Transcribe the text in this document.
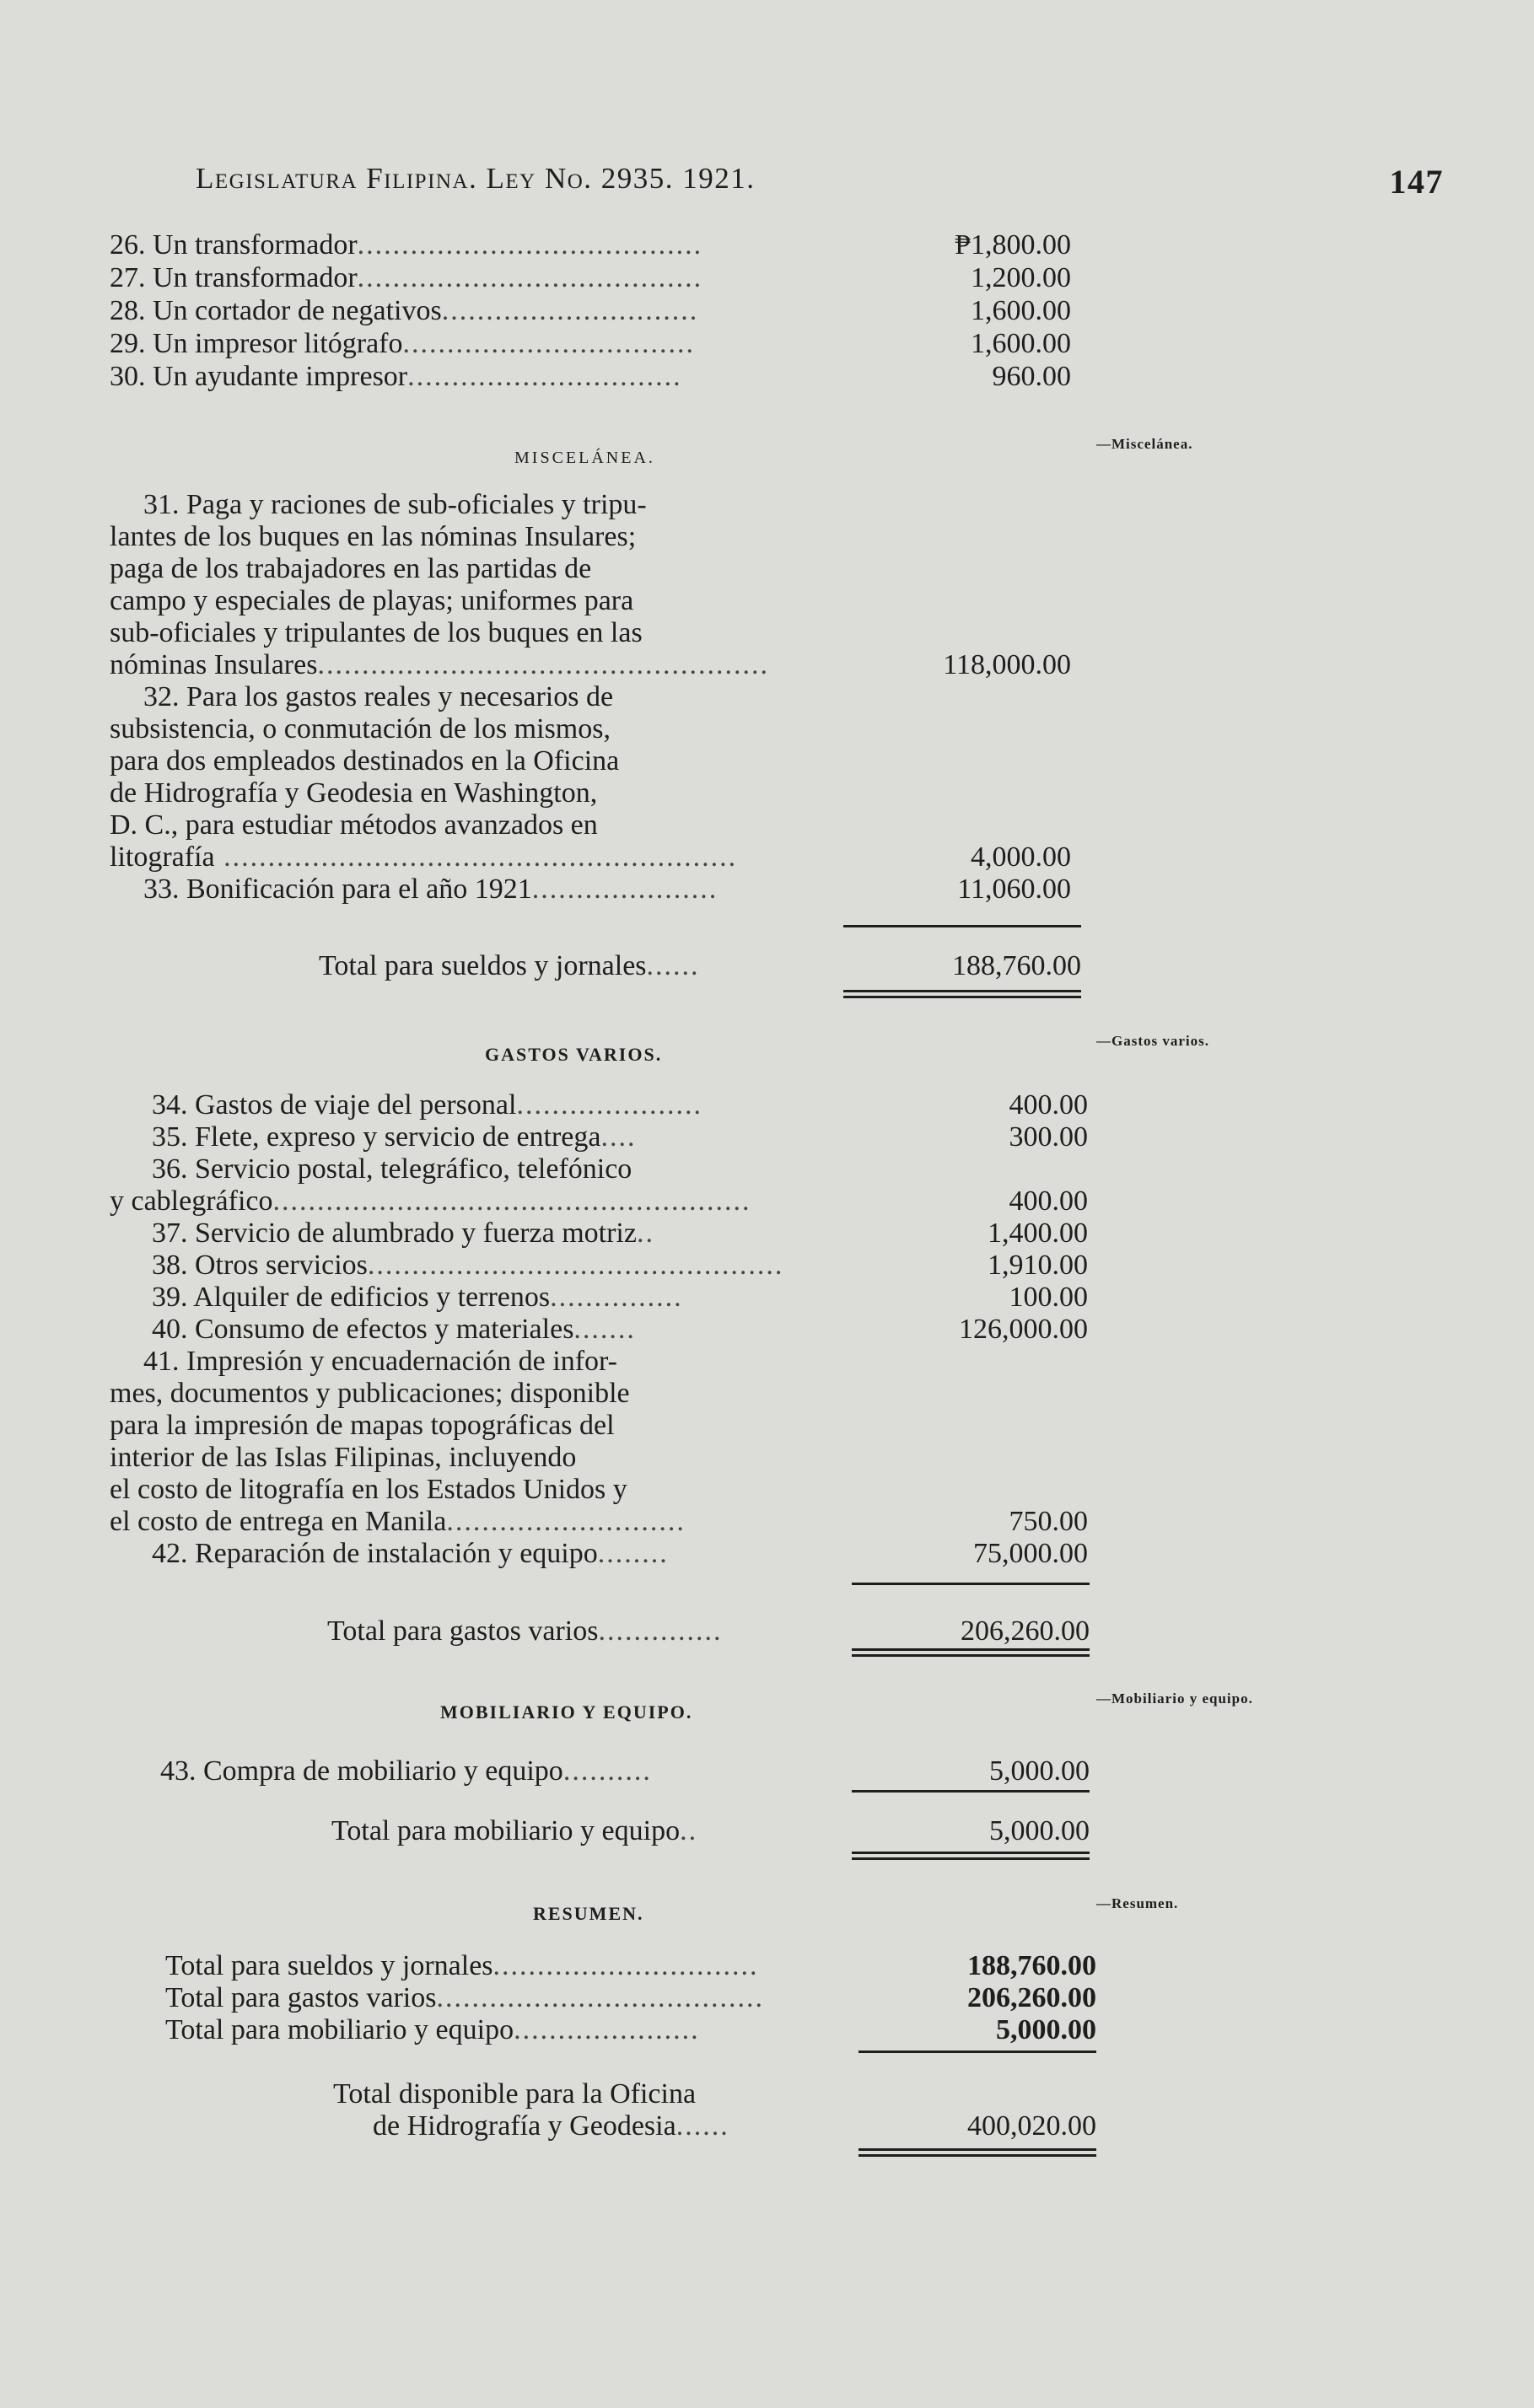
Legislatura Filipina. Ley No. 2935. 1921.	147
26. Un transformador.......................................	₱1,800.00
27. Un transformador.......................................	1,200.00
28. Un cortador de negativos.............................	1,600.00
29. Un impresor litógrafo.................................	1,600.00
30. Un ayudante impresor...............................	960.00
MISCELÁNEA.
—Miscelánea.
31. Paga y raciones de sub-oficiales y tripu-
lantes de los buques en las nóminas Insulares;
paga de los trabajadores en las partidas de
campo y especiales de playas; uniformes para
sub-oficiales y tripulantes de los buques en las
nóminas Insulares...................................................	118,000.00
32. Para los gastos reales y necesarios de
subsistencia, o conmutación de los mismos,
para dos empleados destinados en la Oficina
de Hidrografía y Geodesia en Washington,
D. C., para estudiar métodos avanzados en
litografía ..........................................................	4,000.00
33. Bonificación para el año 1921.....................	11,060.00
Total para sueldos y jornales......	188,760.00
GASTOS VARIOS.
—Gastos varios.
34. Gastos de viaje del personal.....................	400.00
35. Flete, expreso y servicio de entrega....	300.00
36. Servicio postal, telegráfico, telefónico
y cablegráfico......................................................	400.00
37. Servicio de alumbrado y fuerza motriz..	1,400.00
38. Otros servicios...............................................	1,910.00
39. Alquiler de edificios y terrenos...............	100.00
40. Consumo de efectos y materiales.......	126,000.00
41. Impresión y encuadernación de infor-
mes, documentos y publicaciones; disponible
para la impresión de mapas topográficas del
interior de las Islas Filipinas, incluyendo
el costo de litografía en los Estados Unidos y
el costo de entrega en Manila...........................	750.00
42. Reparación de instalación y equipo........	75,000.00
Total para gastos varios..............	206,260.00
MOBILIARIO Y EQUIPO.
—Mobiliario y equipo.
43. Compra de mobiliario y equipo..........	5,000.00
Total para mobiliario y equipo..	5,000.00
RESUMEN.	—Resumen.
Total para sueldos y jornales..............................	188,760.00
Total para gastos varios.....................................	206,260.00
Total para mobiliario y equipo.....................	5,000.00
Total disponible para la Oficina
de Hidrografía y Geodesia......	400,020.00
